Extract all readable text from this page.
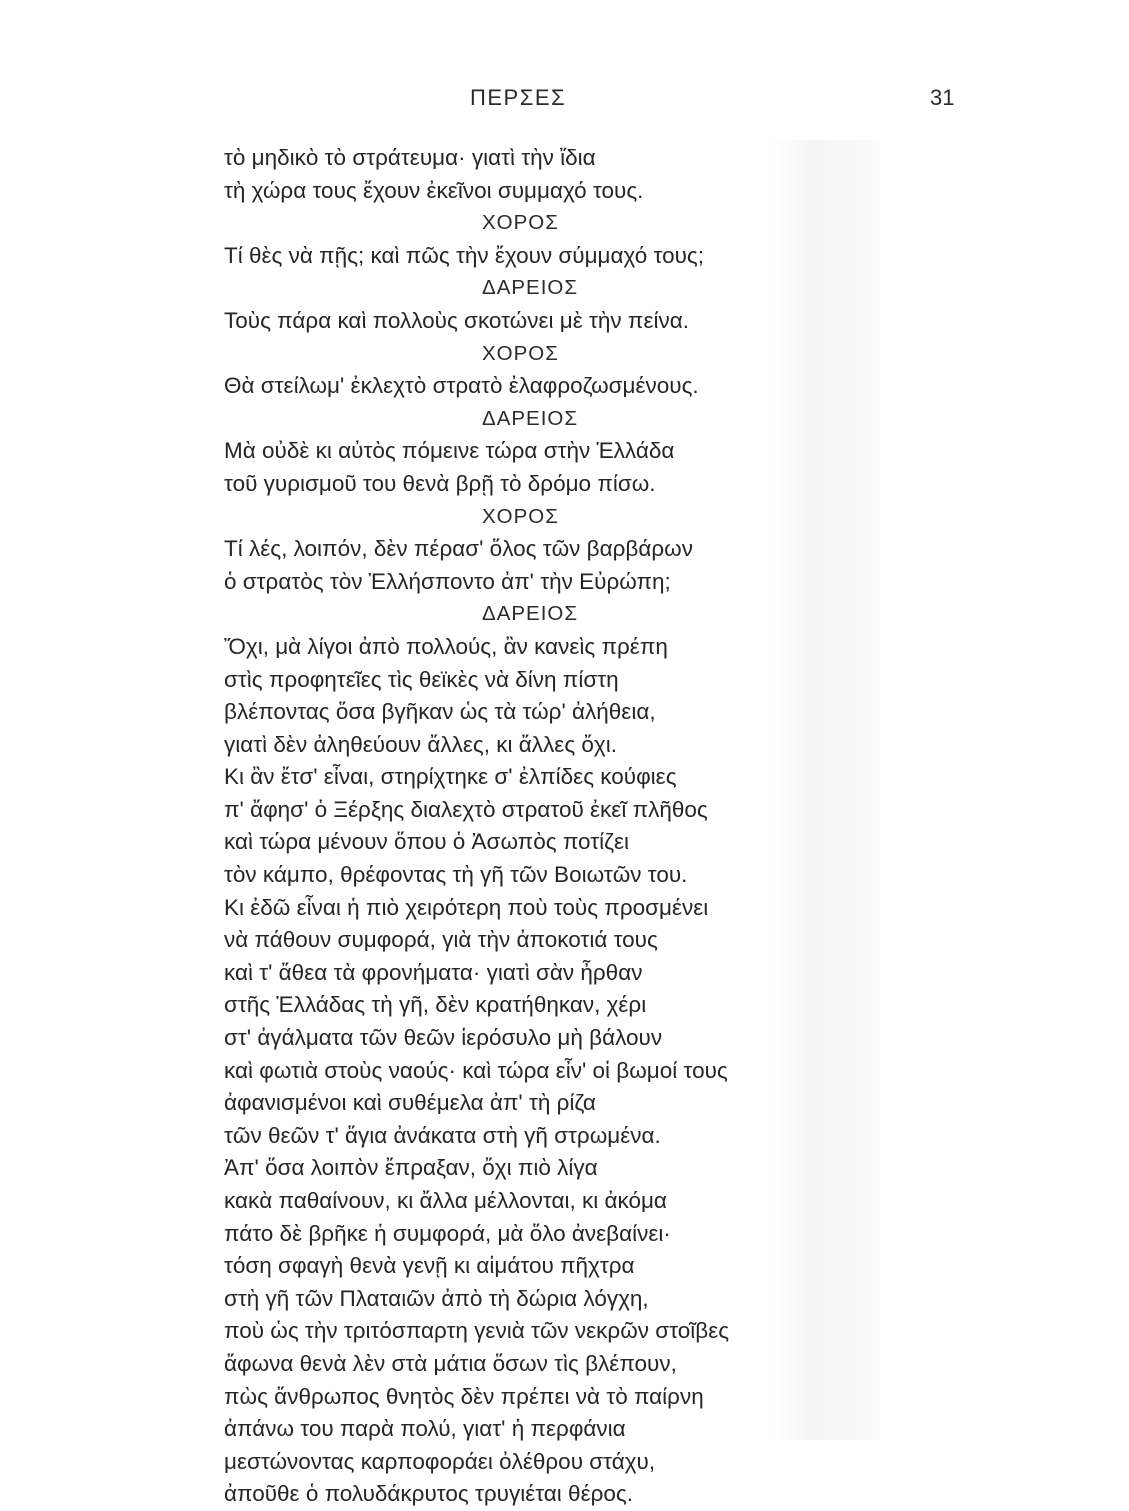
ΠΕΡΣΕΣ	31
τὸ μηδικὸ τὸ στράτευμα· γιατὶ τὴν ἴδια
τὴ χώρα τους ἔχουν ἐκεῖνοι συμμαχό τους.
ΧΟΡΟΣ
Τί θὲς νὰ πῇς; καὶ πῶς τὴν ἔχουν σύμμαχό τους;
ΔΑΡΕΙΟΣ
Τοὺς πάρα καὶ πολλοὺς σκοτώνει μὲ τὴν πείνα.
ΧΟΡΟΣ
Θὰ στείλωμ' ἐκλεχτὸ στρατὸ ἐλαφροζωσμένους.
ΔΑΡΕΙΟΣ
Μὰ οὐδὲ κι αὐτὸς πόμεινε τώρα στὴν Ἑλλάδα
τοῦ γυρισμοῦ του θενὰ βρῇ τὸ δρόμο πίσω.
ΧΟΡΟΣ
Τί λές, λοιπόν, δὲν πέρασ' ὅλος τῶν βαρβάρων
ὁ στρατὸς τὸν Ἑλλήσποντο ἀπ' τὴν Εὐρώπη;
ΔΑΡΕΙΟΣ
Ὄχι, μὰ λίγοι ἀπὸ πολλούς, ἂν κανεὶς πρέπη
στὶς προφητεῖες τὶς θεϊκὲς νὰ δίνη πίστη
βλέποντας ὅσα βγῆκαν ὡς τὰ τώρ' ἀλήθεια,
γιατὶ δὲν ἀληθεύουν ἄλλες, κι ἄλλες ὄχι.
Κι ἂν ἔτσ' εἶναι, στηρίχτηκε σ' ἐλπίδες κούφιες
π' ἄφησ' ὁ Ξέρξης διαλεχτὸ στρατοῦ ἐκεῖ πλῆθος
καὶ τώρα μένουν ὅπου ὁ Ἀσωπὸς ποτίζει
τὸν κάμπο, θρέφοντας τὴ γῆ τῶν Βοιωτῶν του.
Κι ἐδῶ εἶναι ἡ πιὸ χειρότερη ποὺ τοὺς προσμένει
νὰ πάθουν συμφορά, γιὰ τὴν ἀποκοτιά τους
καὶ τ' ἄθεα τὰ φρονήματα· γιατὶ σὰν ἦρθαν
στῆς Ἑλλάδας τὴ γῆ, δὲν κρατήθηκαν, χέρι
στ' ἀγάλματα τῶν θεῶν ἱερόσυλο μὴ βάλουν
καὶ φωτιὰ στοὺς ναούς· καὶ τώρα εἶν' οἱ βωμοί τους
ἀφανισμένοι καὶ συθέμελα ἀπ' τὴ ρίζα
τῶν θεῶν τ' ἅγια ἀνάκατα στὴ γῆ στρωμένα.
Ἀπ' ὅσα λοιπὸν ἔπραξαν, ὄχι πιὸ λίγα
κακὰ παθαίνουν, κι ἄλλα μέλλονται, κι ἀκόμα
πάτο δὲ βρῆκε ἡ συμφορά, μὰ ὅλο ἀνεβαίνει·
τόση σφαγὴ θενὰ γενῇ κι αἱμάτου πῆχτρα
στὴ γῆ τῶν Πλαταιῶν ἀπὸ τὴ δώρια λόγχη,
ποὺ ὡς τὴν τριτόσπαρτη γενιὰ τῶν νεκρῶν στοῖβες
ἄφωνα θενὰ λὲν στὰ μάτια ὅσων τὶς βλέπουν,
πὼς ἄνθρωπος θνητὸς δὲν πρέπει νὰ τὸ παίρνη
ἀπάνω του παρὰ πολύ, γιατ' ἡ περφάνια
μεστώνοντας καρποφοράει ὀλέθρου στάχυ,
ἀποῦθε ὁ πολυδάκρυτος τρυγιέται θέρος.
